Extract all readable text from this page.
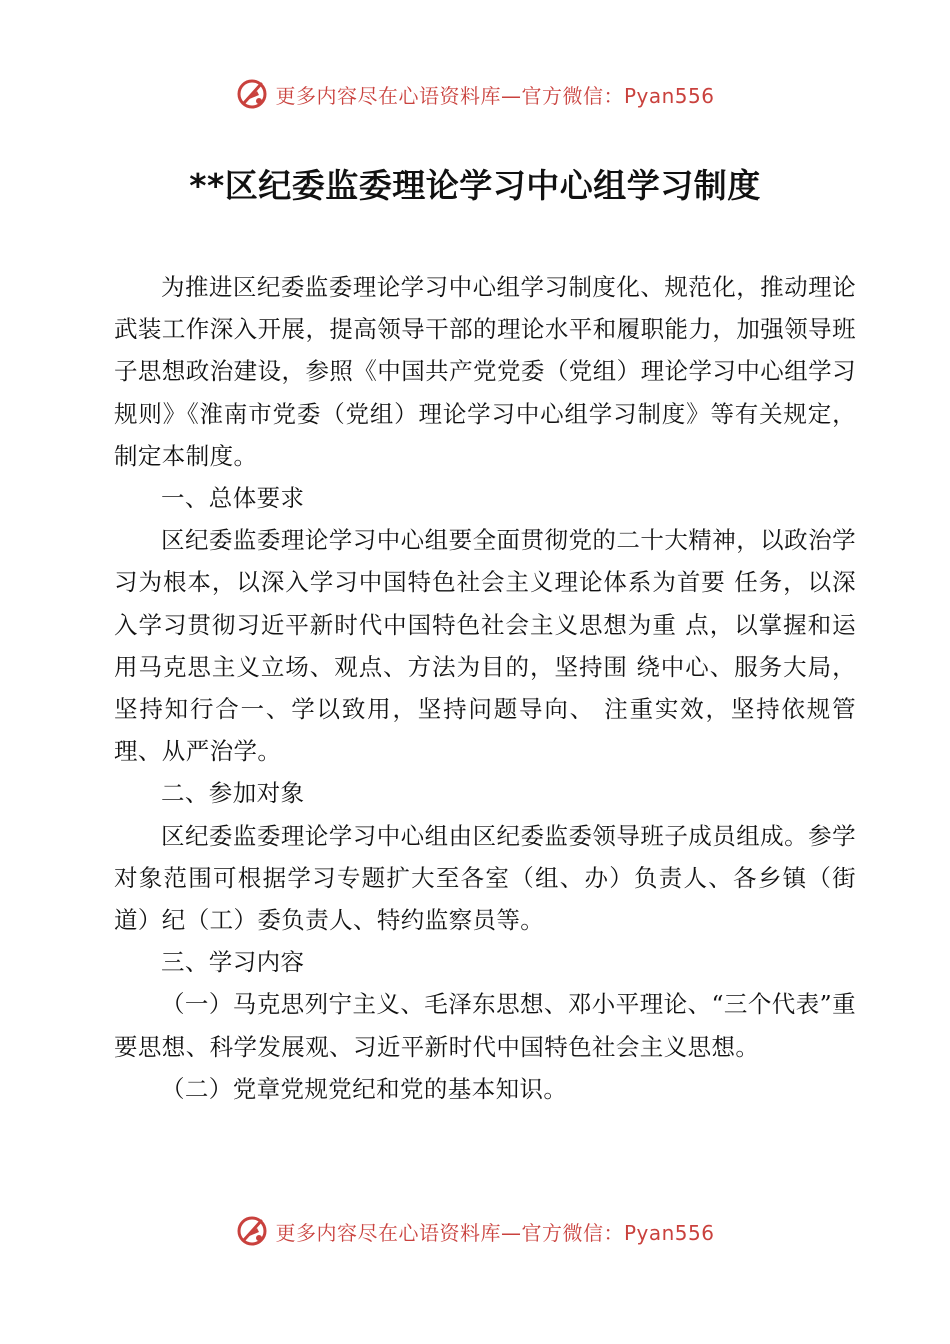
更多内容尽在心语资料库—官方微信：Pyan556
**区纪委监委理论学习中心组学习制度

为推进区纪委监委理论学习中心组学习制度化、规范化，推动理论武装工作深入开展，提高领导干部的理论水平和履职能力，加强领导班子思想政治建设，参照《中国共产党党委（党组）理论学习中心组学习规则》《淮南市党委（党组）理论学习中心组学习制度》等有关规定，制定本制度。

一、总体要求

区纪委监委理论学习中心组要全面贯彻党的二十大精神，以政治学习为根本，以深入学习中国特色社会主义理论体系为首要 任务，以深入学习贯彻习近平新时代中国特色社会主义思想为重 点，以掌握和运用马克思主义立场、观点、方法为目的，坚持围 绕中心、服务大局，坚持知行合一、学以致用，坚持问题导向、 注重实效，坚持依规管理、从严治学。

二、参加对象

区纪委监委理论学习中心组由区纪委监委领导班子成员组成。参学对象范围可根据学习专题扩大至各室（组、办）负责人、各乡镇（街道）纪（工）委负责人、特约监察员等。

三、学习内容

（一）马克思列宁主义、毛泽东思想、邓小平理论、“三个代表”重要思想、科学发展观、习近平新时代中国特色社会主义思想。

（二）党章党规党纪和党的基本知识。

更多内容尽在心语资料库—官方微信：Pyan556
